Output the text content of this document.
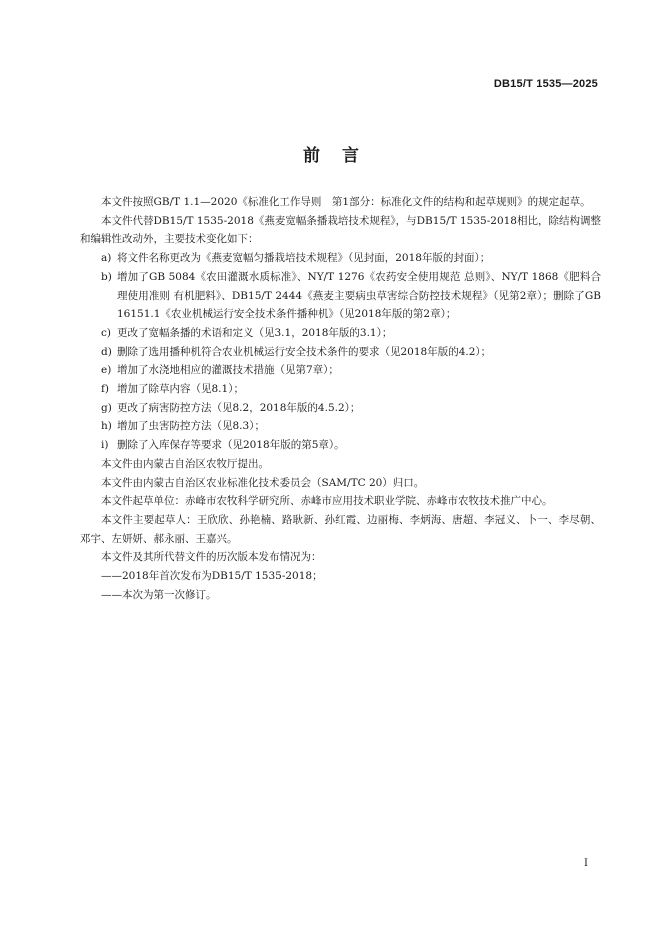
DB15/T 1535—2025
前言
本文件按照GB/T 1.1—2020《标准化工作导则　第1部分：标准化文件的结构和起草规则》的规定起草。
本文件代替DB15/T 1535-2018《燕麦宽幅条播栽培技术规程》，与DB15/T 1535-2018相比，除结构调整和编辑性改动外，主要技术变化如下：
a) 将文件名称更改为《燕麦宽幅匀播栽培技术规程》（见封面，2018年版的封面）；
b) 增加了GB 5084《农田灌溉水质标准》、NY/T 1276《农药安全使用规范 总则》、NY/T 1868《肥料合理使用准则 有机肥料》、DB15/T 2444《燕麦主要病虫草害综合防控技术规程》（见第2章）；删除了GB 16151.1《农业机械运行安全技术条件播种机》（见2018年版的第2章）；
c) 更改了宽幅条播的术语和定义（见3.1，2018年版的3.1）；
d) 删除了选用播种机符合农业机械运行安全技术条件的要求（见2018年版的4.2）；
e) 增加了水浇地相应的灌溉技术措施（见第7章）；
f) 增加了除草内容（见8.1）；
g) 更改了病害防控方法（见8.2，2018年版的4.5.2）；
h) 增加了虫害防控方法（见8.3）；
i) 删除了入库保存等要求（见2018年版的第5章）。
本文件由内蒙古自治区农牧厅提出。
本文件由内蒙古自治区农业标准化技术委员会（SAM/TC 20）归口。
本文件起草单位：赤峰市农牧科学研究所、赤峰市应用技术职业学院、赤峰市农牧技术推广中心。
本文件主要起草人：王欣欣、孙艳楠、路耿新、孙红霞、边丽梅、李炳海、唐超、李冠义、卜一、李尽朝、邓宇、左妍妍、郝永丽、王嘉兴。
本文件及其所代替文件的历次版本发布情况为：
——2018年首次发布为DB15/T 1535-2018；
——本次为第一次修订。
I
